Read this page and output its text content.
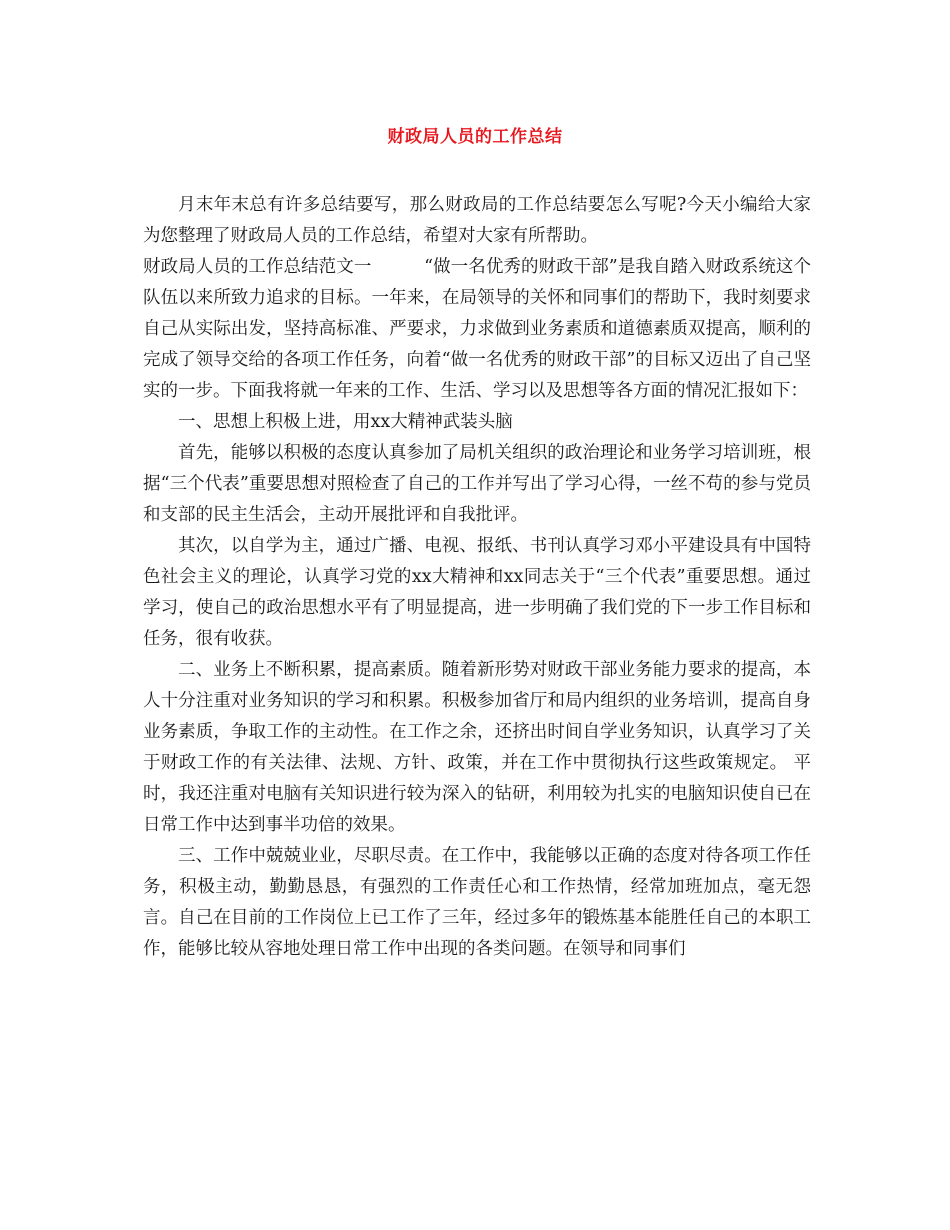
财政局人员的工作总结

月末年末总有许多总结要写，那么财政局的工作总结要怎么写呢?今天小编给大家为您整理了财政局人员的工作总结，希望对大家有所帮助。

财政局人员的工作总结范文一　　　“做一名优秀的财政干部”是我自踏入财政系统这个队伍以来所致力追求的目标。一年来，在局领导的关怀和同事们的帮助下，我时刻要求自己从实际出发，坚持高标准、严要求，力求做到业务素质和道德素质双提高，顺利的完成了领导交给的各项工作任务，向着“做一名优秀的财政干部”的目标又迈出了自己坚实的一步。下面我将就一年来的工作、生活、学习以及思想等各方面的情况汇报如下：

一、思想上积极上进，用xx大精神武装头脑

首先，能够以积极的态度认真参加了局机关组织的政治理论和业务学习培训班，根据“三个代表”重要思想对照检查了自己的工作并写出了学习心得，一丝不苟的参与党员和支部的民主生活会，主动开展批评和自我批评。

其次，以自学为主，通过广播、电视、报纸、书刊认真学习邓小平建设具有中国特色社会主义的理论，认真学习党的xx大精神和xx同志关于“三个代表”重要思想。通过学习，使自己的政治思想水平有了明显提高，进一步明确了我们党的下一步工作目标和任务，很有收获。

二、业务上不断积累，提高素质。随着新形势对财政干部业务能力要求的提高，本人十分注重对业务知识的学习和积累。积极参加省厅和局内组织的业务培训，提高自身业务素质，争取工作的主动性。在工作之余，还挤出时间自学业务知识，认真学习了关于财政工作的有关法律、法规、方针、政策，并在工作中贯彻执行这些政策规定。 平时，我还注重对电脑有关知识进行较为深入的钻研，利用较为扎实的电脑知识使自已在日常工作中达到事半功倍的效果。

三、工作中兢兢业业，尽职尽责。在工作中，我能够以正确的态度对待各项工作任务，积极主动，勤勤恳恳，有强烈的工作责任心和工作热情，经常加班加点，毫无怨言。自己在目前的工作岗位上已工作了三年，经过多年的锻炼基本能胜任自己的本职工作，能够比较从容地处理日常工作中出现的各类问题。在领导和同事们
